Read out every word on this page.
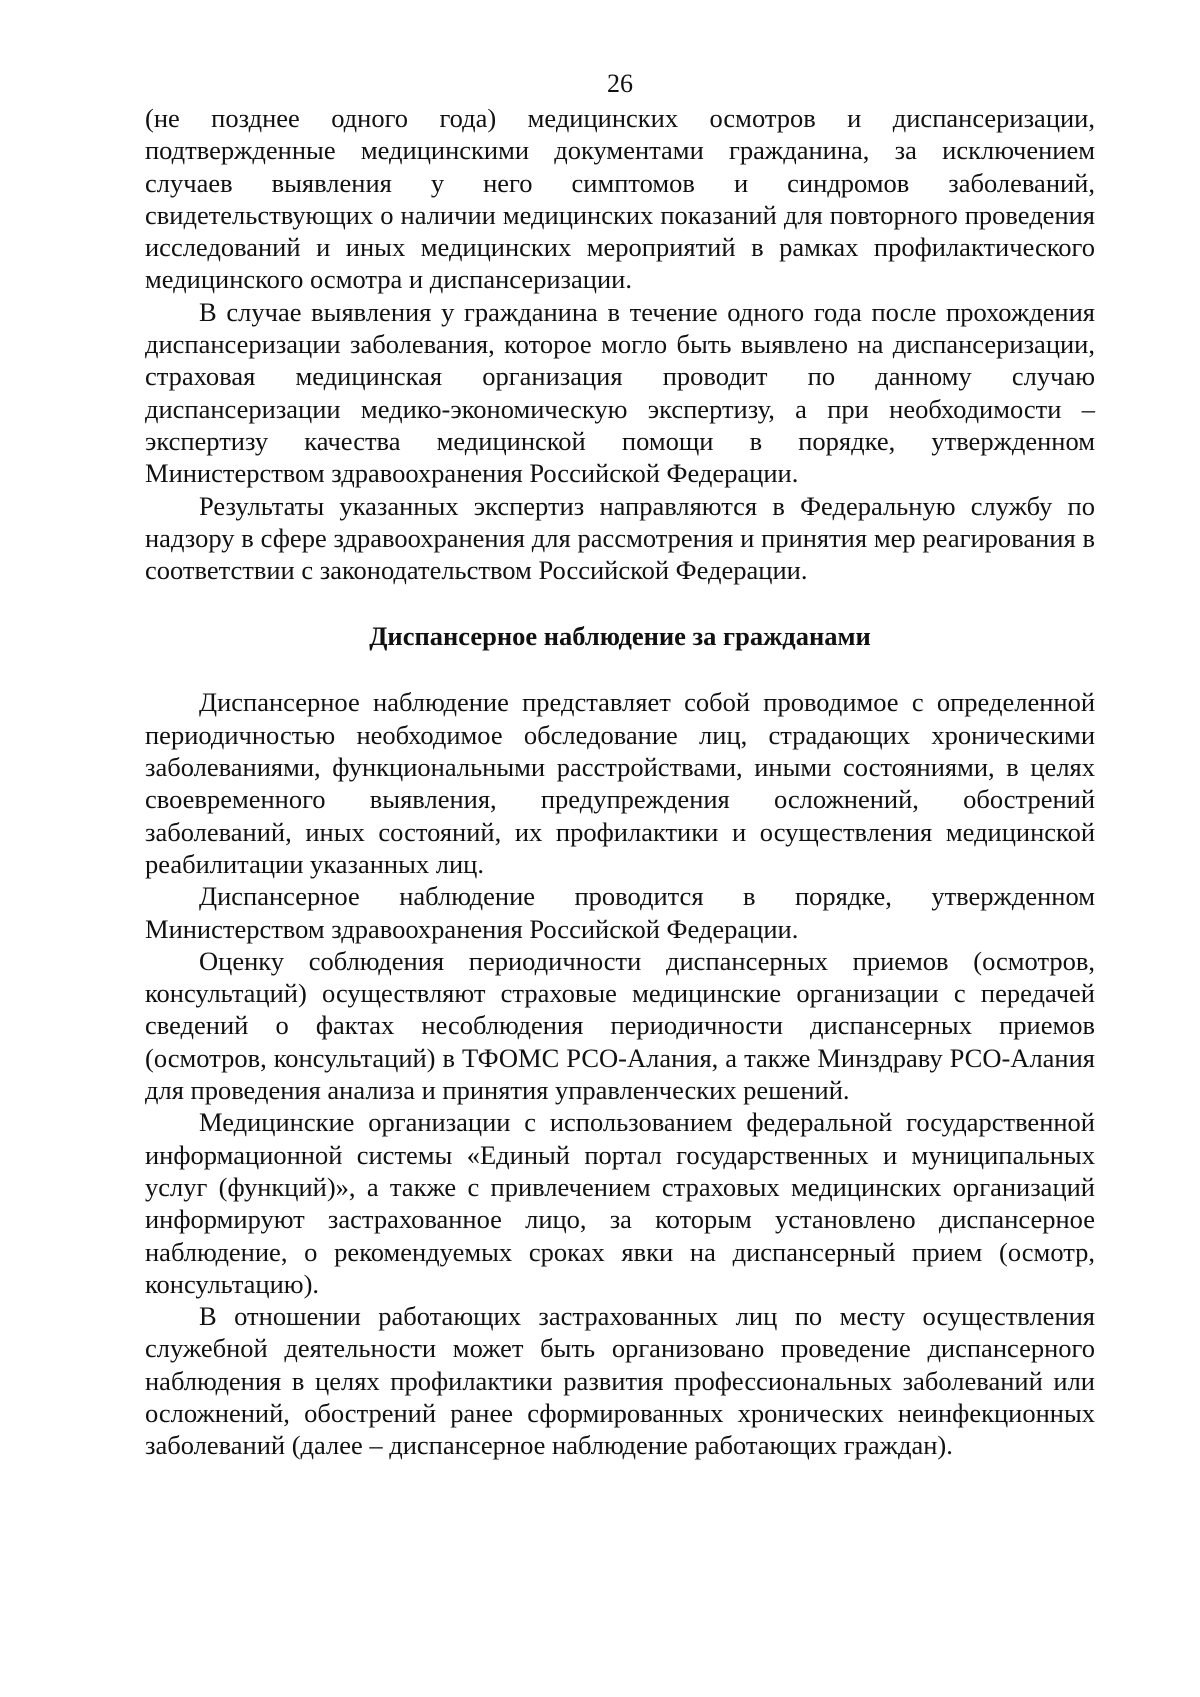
26

(не позднее одного года) медицинских осмотров и диспансеризации, подтвержденные медицинскими документами гражданина, за исключением случаев выявления у него симптомов и синдромов заболеваний, свидетельствующих о наличии медицинских показаний для повторного проведения исследований и иных медицинских мероприятий в рамках профилактического медицинского осмотра и диспансеризации.

В случае выявления у гражданина в течение одного года после прохождения диспансеризации заболевания, которое могло быть выявлено на диспансеризации, страховая медицинская организация проводит по данному случаю диспансеризации медико-экономическую экспертизу, а при необходимости – экспертизу качества медицинской помощи в порядке, утвержденном Министерством здравоохранения Российской Федерации.

Результаты указанных экспертиз направляются в Федеральную службу по надзору в сфере здравоохранения для рассмотрения и принятия мер реагирования в соответствии с законодательством Российской Федерации.

Диспансерное наблюдение за гражданами

Диспансерное наблюдение представляет собой проводимое с определенной периодичностью необходимое обследование лиц, страдающих хроническими заболеваниями, функциональными расстройствами, иными состояниями, в целях своевременного выявления, предупреждения осложнений, обострений заболеваний, иных состояний, их профилактики и осуществления медицинской реабилитации указанных лиц.

Диспансерное наблюдение проводится в порядке, утвержденном Министерством здравоохранения Российской Федерации.

Оценку соблюдения периодичности диспансерных приемов (осмотров, консультаций) осуществляют страховые медицинские организации с передачей сведений о фактах несоблюдения периодичности диспансерных приемов (осмотров, консультаций) в ТФОМС РСО-Алания, а также Минздраву РСО-Алания для проведения анализа и принятия управленческих решений.

Медицинские организации с использованием федеральной государственной информационной системы «Единый портал государственных и муниципальных услуг (функций)», а также с привлечением страховых медицинских организаций информируют застрахованное лицо, за которым установлено диспансерное наблюдение, о рекомендуемых сроках явки на диспансерный прием (осмотр, консультацию).

В отношении работающих застрахованных лиц по месту осуществления служебной деятельности может быть организовано проведение диспансерного наблюдения в целях профилактики развития профессиональных заболеваний или осложнений, обострений ранее сформированных хронических неинфекционных заболеваний (далее – диспансерное наблюдение работающих граждан).
